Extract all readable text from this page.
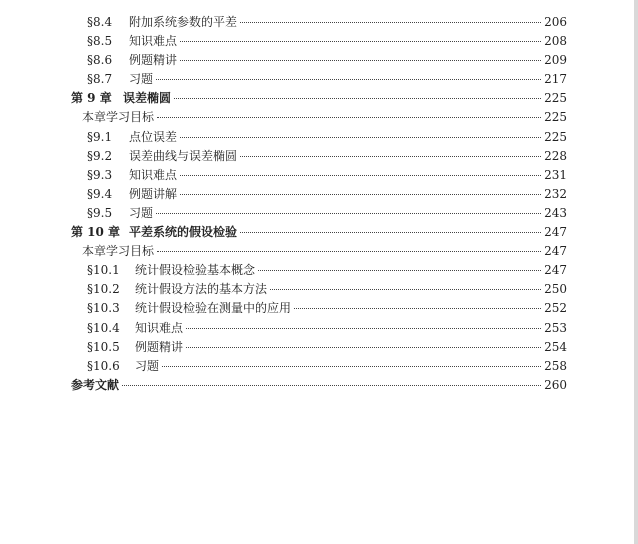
§8.4 附加系统参数的平差	206
§8.5 知识难点	208
§8.6 例题精讲	209
§8.7 习题	217
第 9 章 误差椭圆	225
本章学习目标	225
§9.1 点位误差	225
§9.2 误差曲线与误差椭圆	228
§9.3 知识难点	231
§9.4 例题讲解	232
§9.5 习题	243
第 10 章 平差系统的假设检验	247
本章学习目标	247
§10.1 统计假设检验基本概念	247
§10.2 统计假设方法的基本方法	250
§10.3 统计假设检验在测量中的应用	252
§10.4 知识难点	253
§10.5 例题精讲	254
§10.6 习题	258
参考文献	260
